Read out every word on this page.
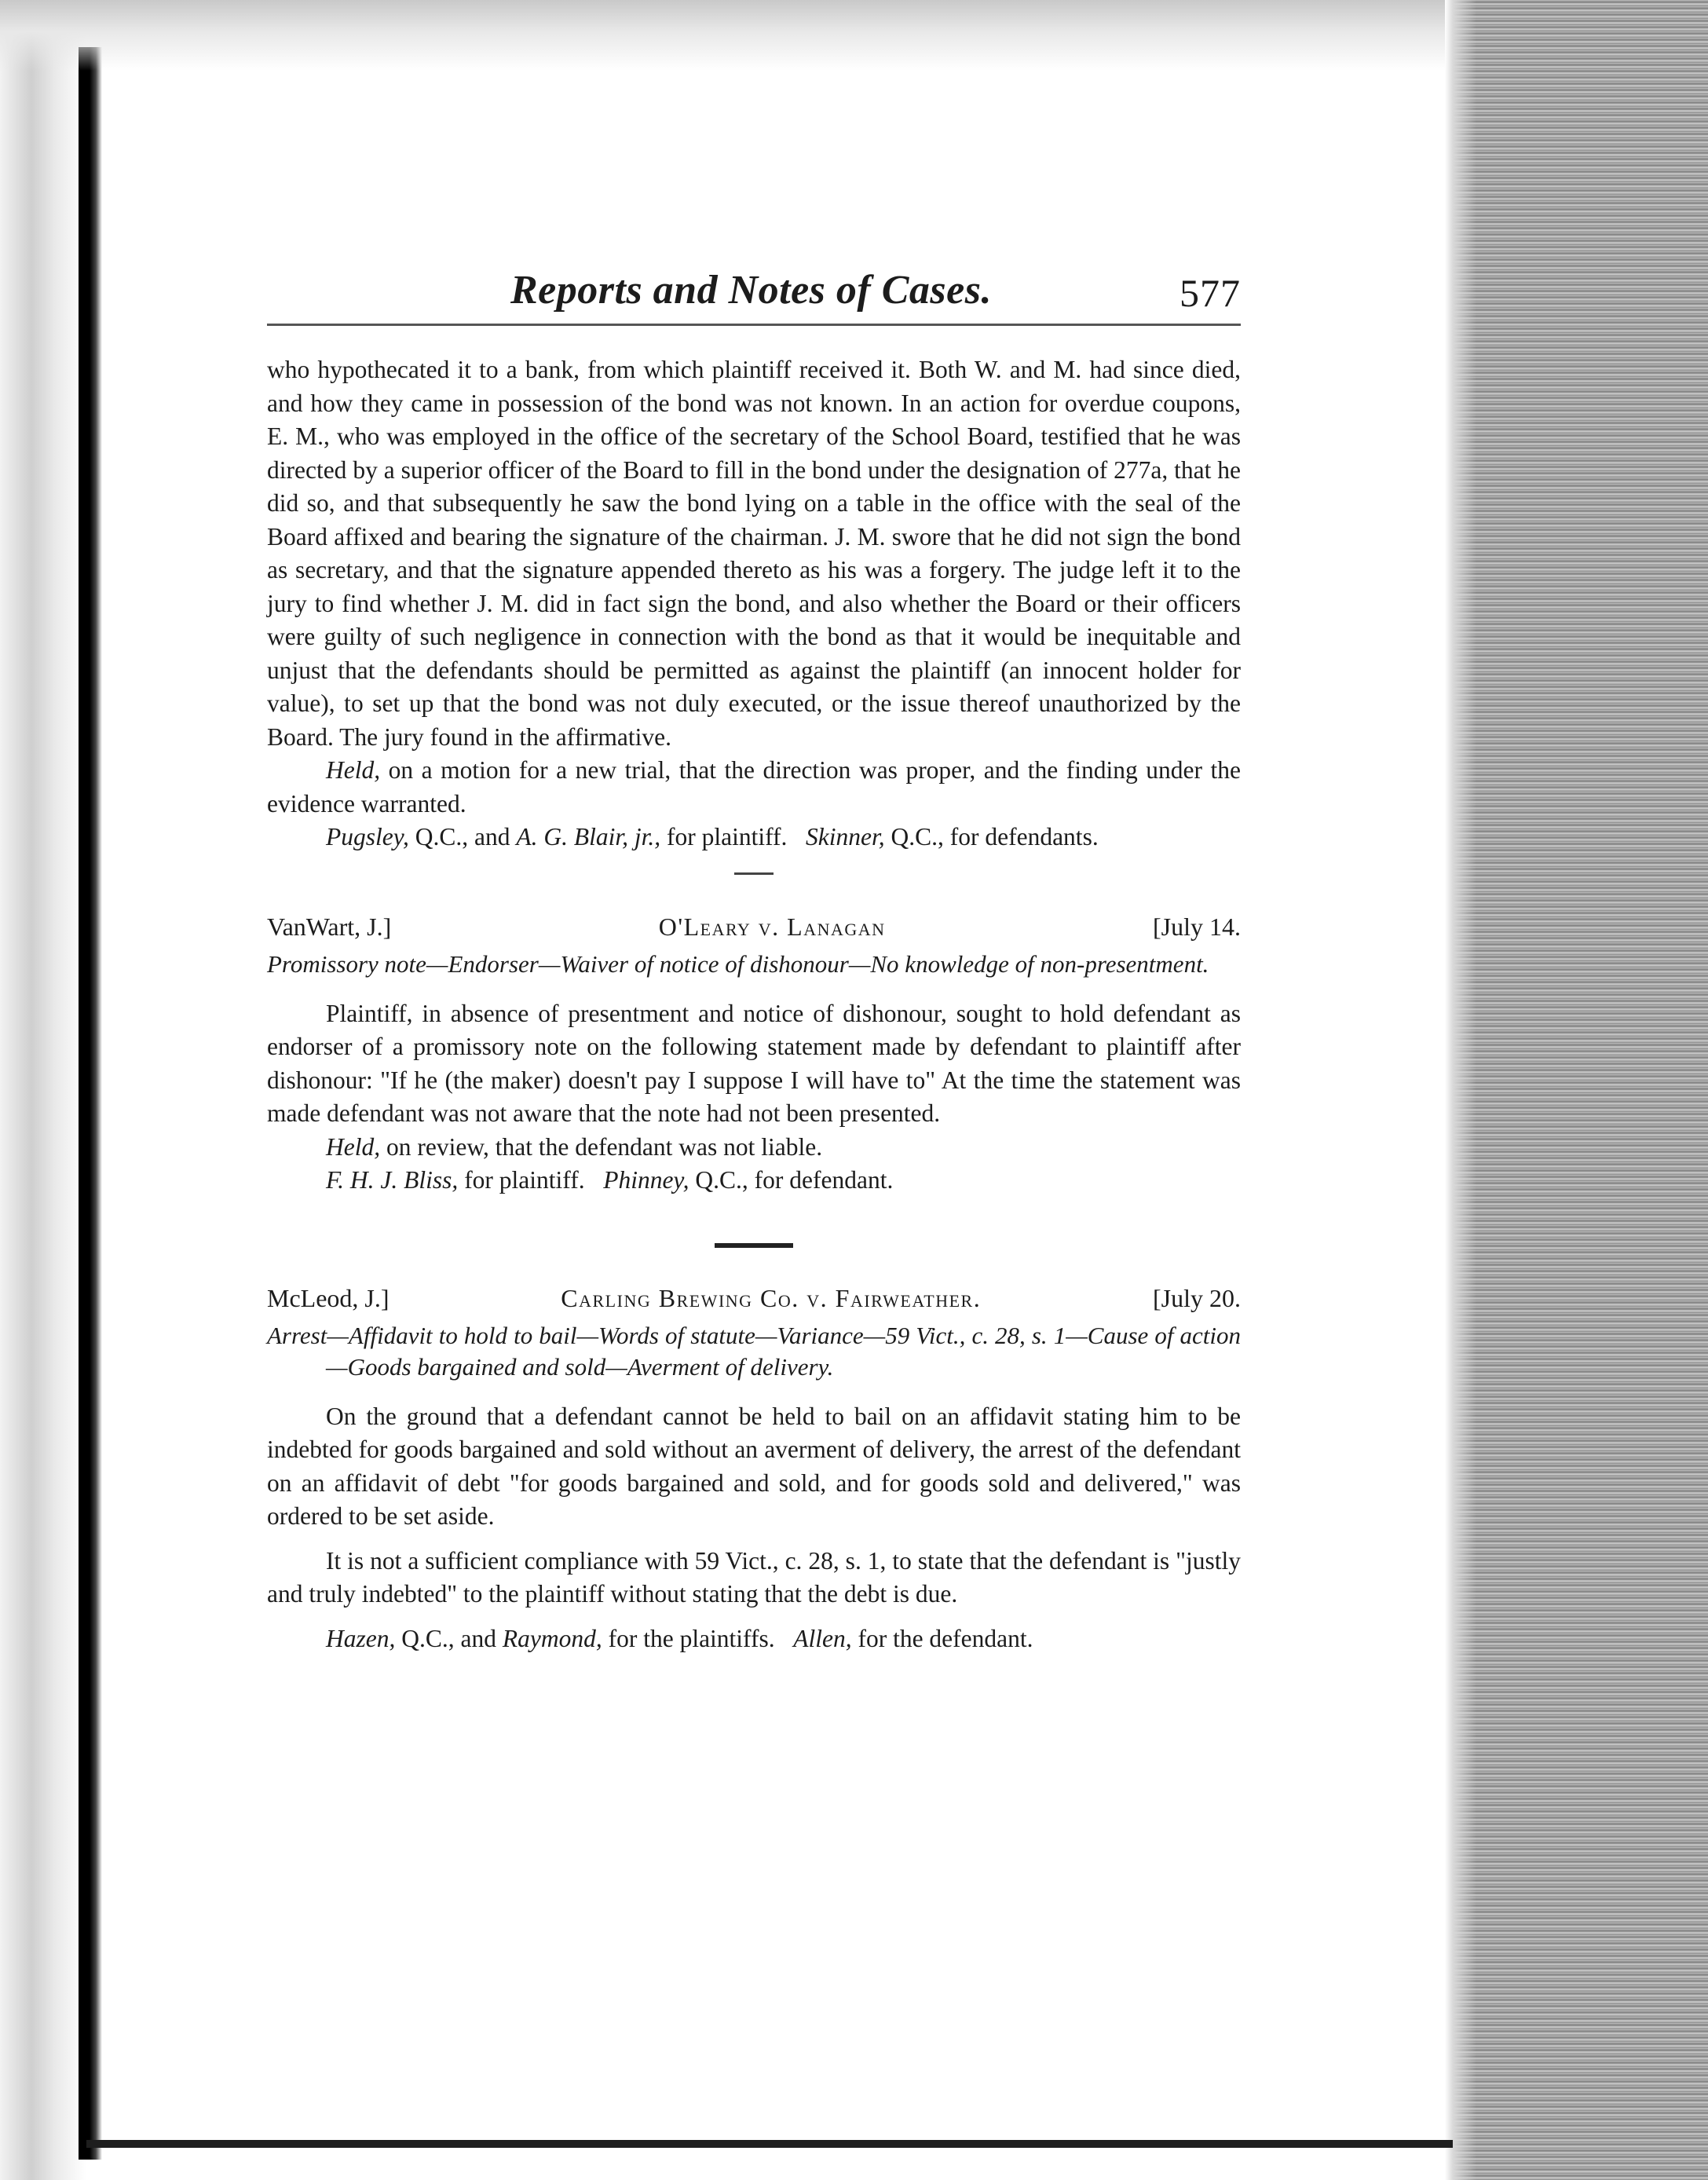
Reports and Notes of Cases.	577

who hypothecated it to a bank, from which plaintiff received it. Both W. and M. had since died, and how they came in possession of the bond was not known. In an action for overdue coupons, E. M., who was employed in the office of the secretary of the School Board, testified that he was directed by a superior officer of the Board to fill in the bond under the designation of 277a, that he did so, and that subsequently he saw the bond lying on a table in the office with the seal of the Board affixed and bearing the signature of the chairman. J. M. swore that he did not sign the bond as secretary, and that the signature appended thereto as his was a forgery. The judge left it to the jury to find whether J. M. did in fact sign the bond, and also whether the Board or their officers were guilty of such negligence in connection with the bond as that it would be inequitable and unjust that the defendants should be permitted as against the plaintiff (an innocent holder for value), to set up that the bond was not duly executed, or the issue thereof unauthorized by the Board. The jury found in the affirmative.

Held, on a motion for a new trial, that the direction was proper, and the finding under the evidence warranted.

Pugsley, Q.C., and A. G. Blair, jr., for plaintiff. Skinner, Q.C., for defendants.

VanWart, J.]	O'Leary v. Lanagan	[July 14.

Promissory note—Endorser—Waiver of notice of dishonour—No knowledge of non-presentment.

Plaintiff, in absence of presentment and notice of dishonour, sought to hold defendant as endorser of a promissory note on the following statement made by defendant to plaintiff after dishonour: "If he (the maker) doesn't pay I suppose I will have to" At the time the statement was made defendant was not aware that the note had not been presented.

Held, on review, that the defendant was not liable.

F. H. J. Bliss, for plaintiff. Phinney, Q.C., for defendant.

McLeod, J.]	Carling Brewing Co. v. Fairweather.	[July 20.

Arrest—Affidavit to hold to bail—Words of statute—Variance—59 Vict., c. 28, s. 1—Cause of action—Goods bargained and sold—Averment of delivery.

On the ground that a defendant cannot be held to bail on an affidavit stating him to be indebted for goods bargained and sold without an averment of delivery, the arrest of the defendant on an affidavit of debt "for goods bargained and sold, and for goods sold and delivered," was ordered to be set aside.

It is not a sufficient compliance with 59 Vict., c. 28, s. 1, to state that the defendant is "justly and truly indebted" to the plaintiff without stating that the debt is due.

Hazen, Q.C., and Raymond, for the plaintiffs. Allen, for the defendant.
